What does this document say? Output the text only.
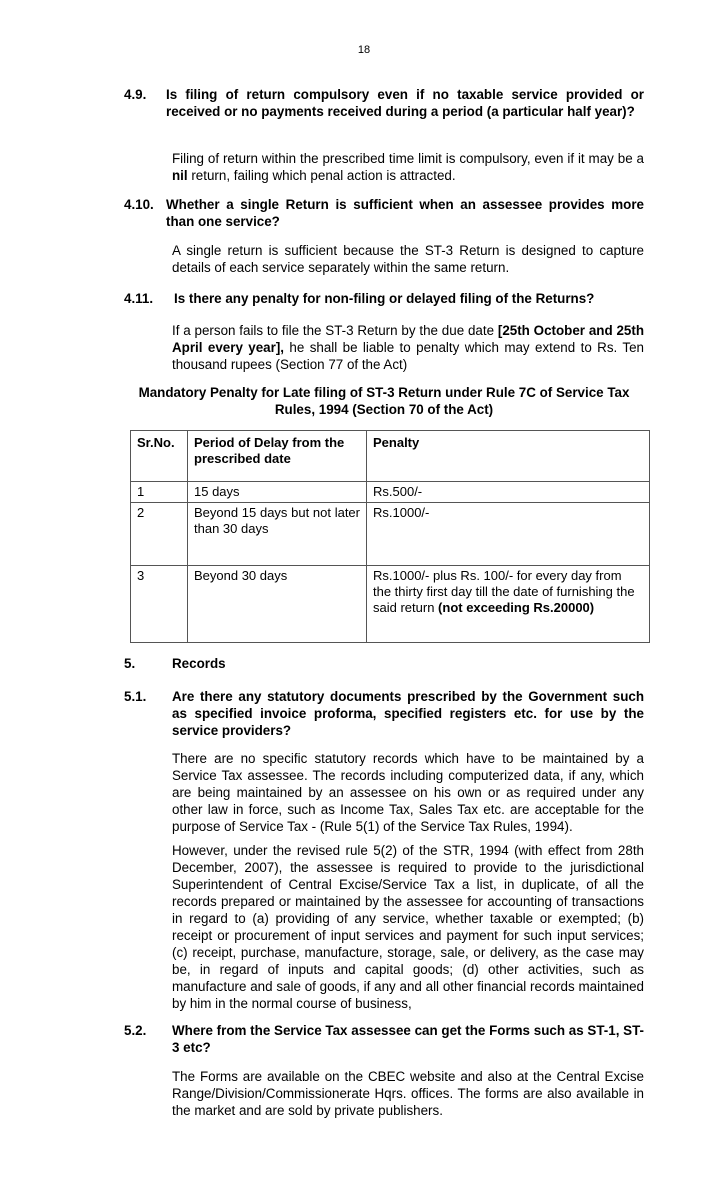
18
4.9. Is filing of return compulsory even if no taxable service provided or received or no payments received during a period (a particular half year)?
Filing of return within the prescribed time limit is compulsory, even if it may be a nil return, failing which penal action is attracted.
4.10. Whether a single Return is sufficient when an assessee provides more than one service?
A single return is sufficient because the ST-3 Return is designed to capture details of each service separately within the same return.
4.11. Is there any penalty for non-filing or delayed filing of the Returns?
If a person fails to file the ST-3 Return by the due date [25th October and 25th April every year], he shall be liable to penalty which may extend to Rs. Ten thousand rupees (Section 77 of the Act)
Mandatory Penalty for Late filing of ST-3 Return under Rule 7C of Service Tax Rules, 1994 (Section 70 of the Act)
Sr.No.	Period of Delay from the prescribed date	Penalty
1	15 days	Rs.500/-
2	Beyond 15 days but not later than 30 days	Rs.1000/-
3	Beyond 30 days	Rs.1000/- plus Rs. 100/- for every day from the thirty first day till the date of furnishing the said return (not exceeding Rs.20000)
5.	Records
5.1. Are there any statutory documents prescribed by the Government such as specified invoice proforma, specified registers etc. for use by the service providers?
There are no specific statutory records which have to be maintained by a Service Tax assessee. The records including computerized data, if any, which are being maintained by an assessee on his own or as required under any other law in force, such as Income Tax, Sales Tax etc. are acceptable for the purpose of Service Tax - (Rule 5(1) of the Service Tax Rules, 1994).
However, under the revised rule 5(2) of the STR, 1994 (with effect from 28th December, 2007), the assessee is required to provide to the jurisdictional Superintendent of Central Excise/Service Tax a list, in duplicate, of all the records prepared or maintained by the assessee for accounting of transactions in regard to (a) providing of any service, whether taxable or exempted; (b) receipt or procurement of input services and payment for such input services; (c) receipt, purchase, manufacture, storage, sale, or delivery, as the case may be, in regard of inputs and capital goods; (d) other activities, such as manufacture and sale of goods, if any and all other financial records maintained by him in the normal course of business,
5.2. Where from the Service Tax assessee can get the Forms such as ST-1, ST-3 etc?
The Forms are available on the CBEC website and also at the Central Excise Range/Division/Commissionerate Hqrs. offices. The forms are also available in the market and are sold by private publishers.
